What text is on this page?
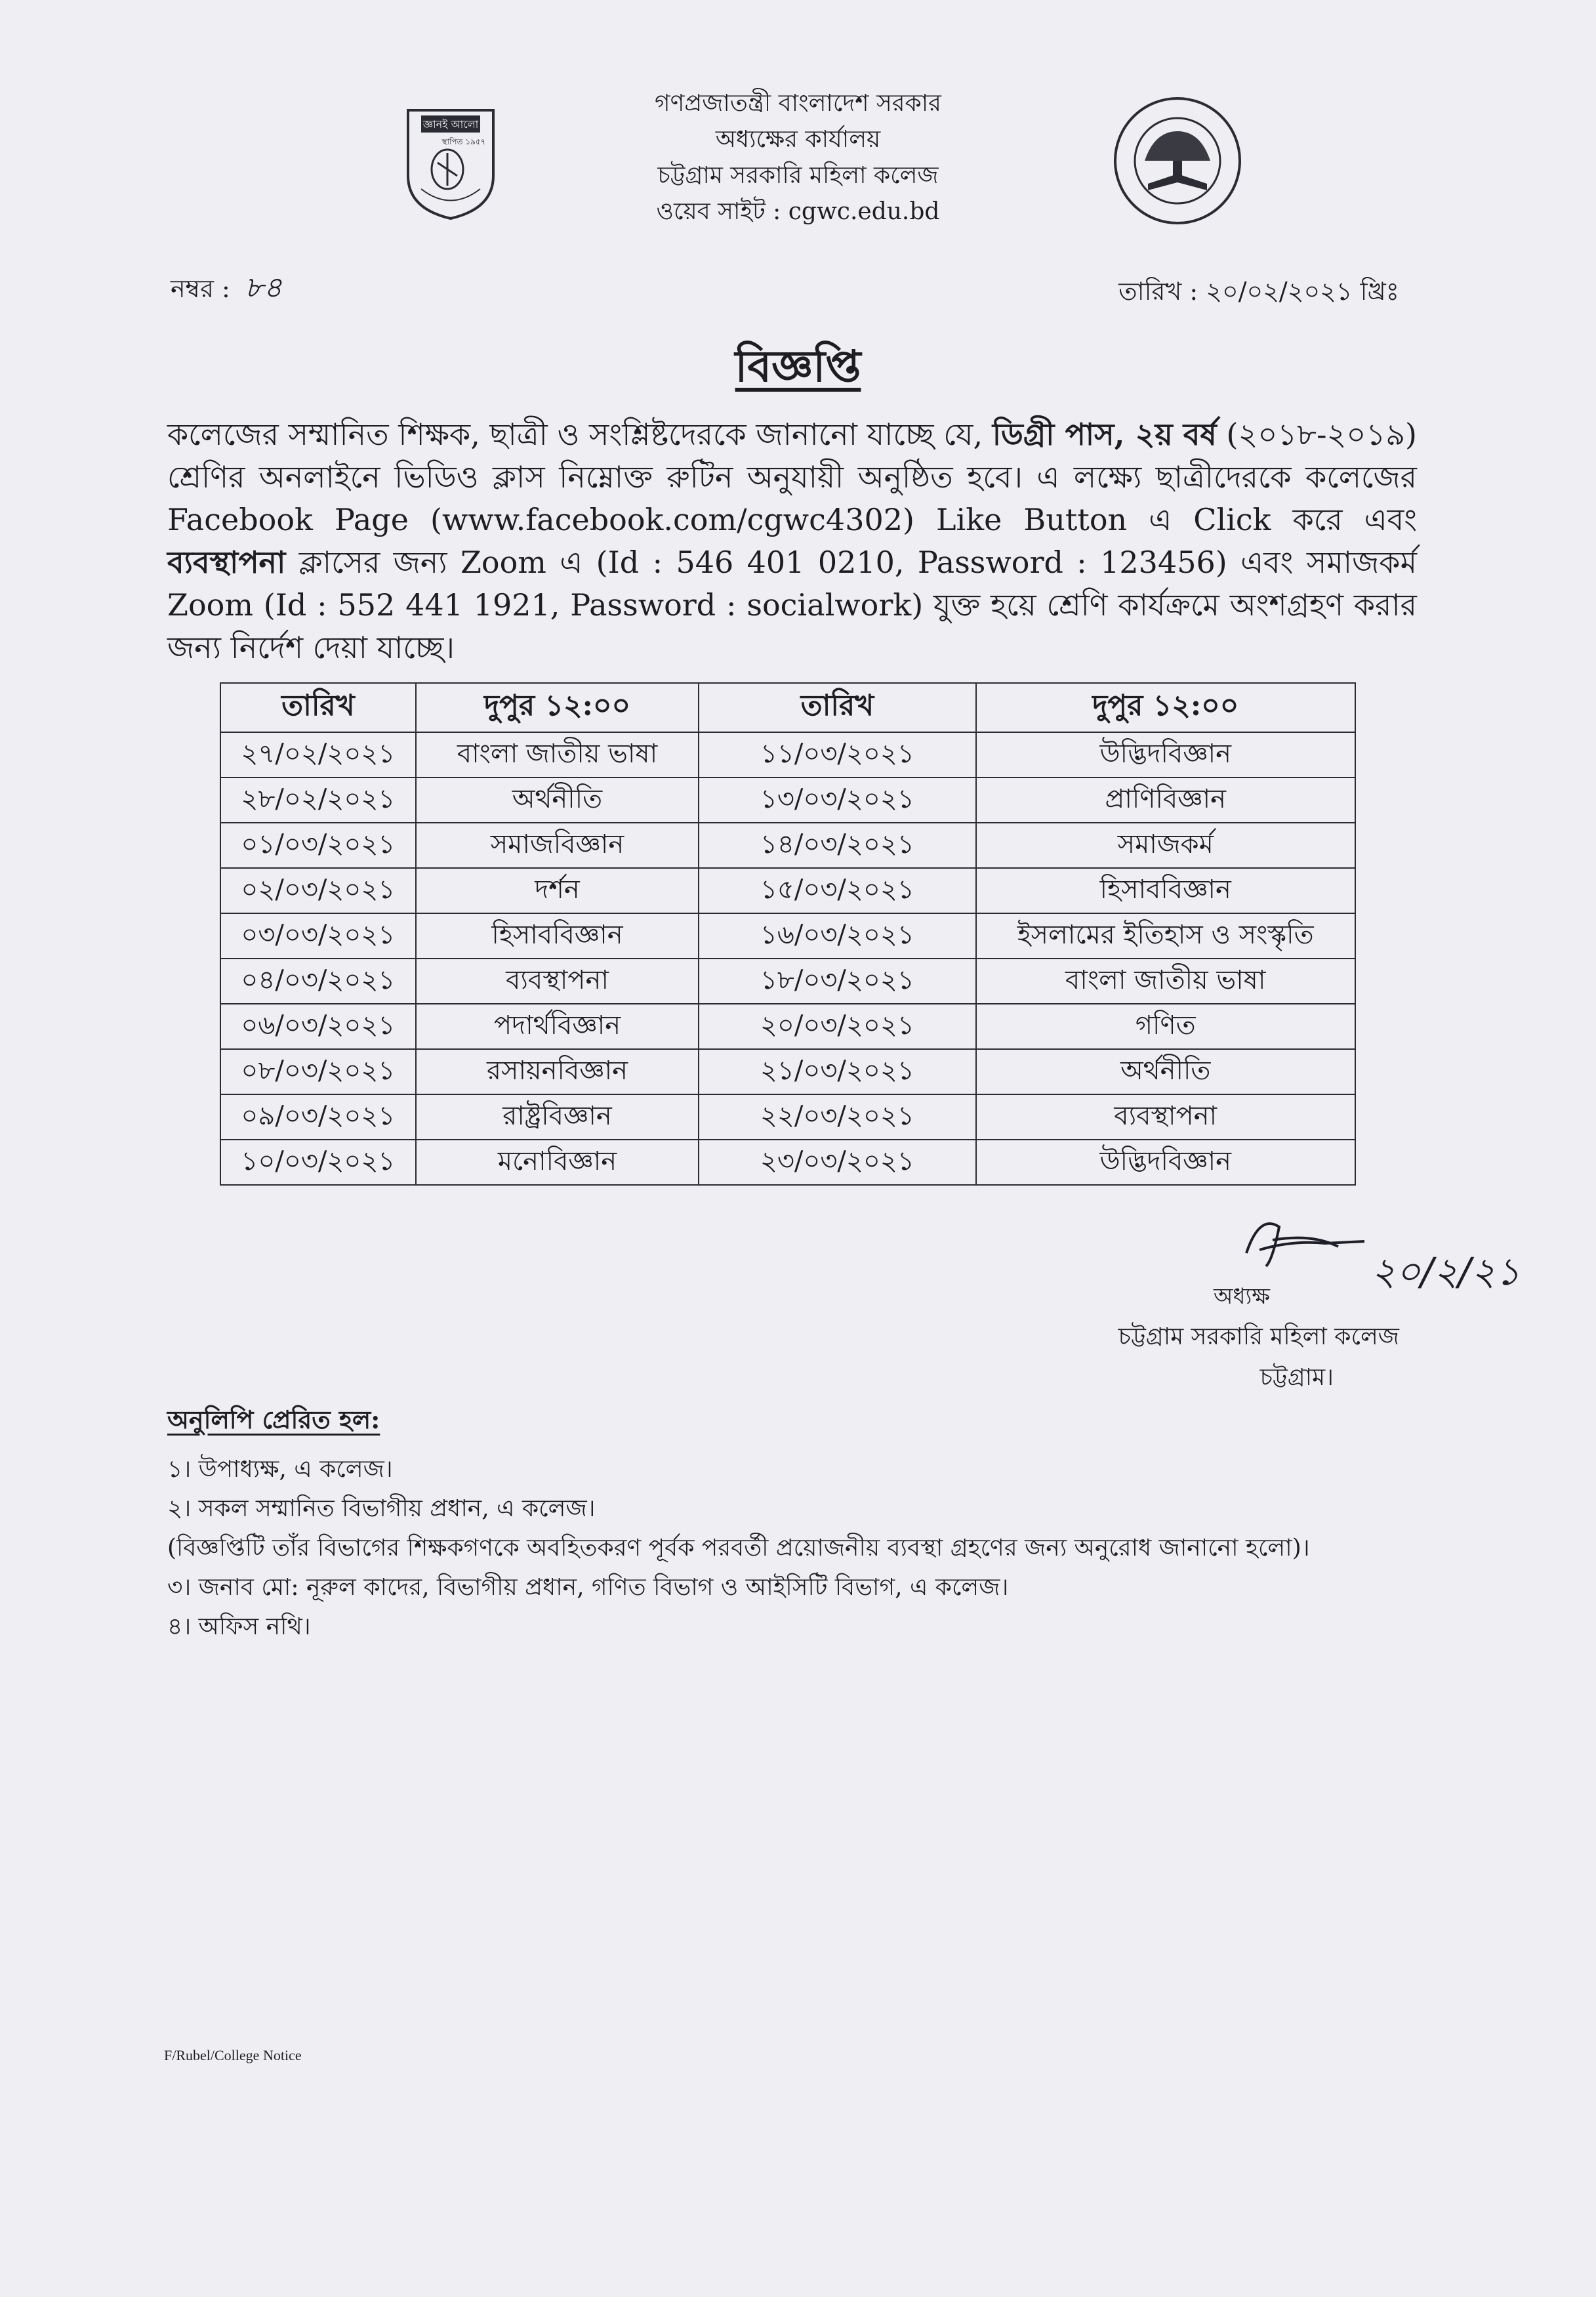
জ্ঞানই আলো
স্থাপিত ১৯৫৭
গণপ্রজাতন্ত্রী বাংলাদেশ সরকার
অধ্যক্ষের কার্যালয়
চট্টগ্রাম সরকারি মহিলা কলেজ
ওয়েব সাইট : cgwc.edu.bd
নম্বর : ৮৪	তারিখ : ২০/০২/২০২১ খ্রিঃ
বিজ্ঞপ্তি
কলেজের সম্মানিত শিক্ষক, ছাত্রী ও সংশ্লিষ্টদেরকে জানানো যাচ্ছে যে, ডিগ্রী পাস, ২য় বর্ষ (২০১৮-২০১৯) শ্রেণির অনলাইনে ভিডিও ক্লাস নিম্নোক্ত রুটিন অনুযায়ী অনুষ্ঠিত হবে। এ লক্ষ্যে ছাত্রীদেরকে কলেজের Facebook Page (www.facebook.com/cgwc4302) Like Button এ Click করে এবং ব্যবস্থাপনা ক্লাসের জন্য Zoom এ (Id : 546 401 0210, Password : 123456) এবং সমাজকর্ম Zoom (Id : 552 441 1921, Password : socialwork) যুক্ত হয়ে শ্রেণি কার্যক্রমে অংশগ্রহণ করার জন্য নির্দেশ দেয়া যাচ্ছে।
তারিখ	দুপুর ১২:০০	তারিখ	দুপুর ১২:০০
২৭/০২/২০২১	বাংলা জাতীয় ভাষা	১১/০৩/২০২১	উদ্ভিদবিজ্ঞান
২৮/০২/২০২১	অর্থনীতি	১৩/০৩/২০২১	প্রাণিবিজ্ঞান
০১/০৩/২০২১	সমাজবিজ্ঞান	১৪/০৩/২০২১	সমাজকর্ম
০২/০৩/২০২১	দর্শন	১৫/০৩/২০২১	হিসাববিজ্ঞান
০৩/০৩/২০২১	হিসাববিজ্ঞান	১৬/০৩/২০২১	ইসলামের ইতিহাস ও সংস্কৃতি
০৪/০৩/২০২১	ব্যবস্থাপনা	১৮/০৩/২০২১	বাংলা জাতীয় ভাষা
০৬/০৩/২০২১	পদার্থবিজ্ঞান	২০/০৩/২০২১	গণিত
০৮/০৩/২০২১	রসায়নবিজ্ঞান	২১/০৩/২০২১	অর্থনীতি
০৯/০৩/২০২১	রাষ্ট্রবিজ্ঞান	২২/০৩/২০২১	ব্যবস্থাপনা
১০/০৩/২০২১	মনোবিজ্ঞান	২৩/০৩/২০২১	উদ্ভিদবিজ্ঞান
২০/২/২১
অধ্যক্ষ
চট্টগ্রাম সরকারি মহিলা কলেজ
চট্টগ্রাম।
অনুলিপি প্রেরিত হল:
১। উপাধ্যক্ষ, এ কলেজ।
২। সকল সম্মানিত বিভাগীয় প্রধান, এ কলেজ।
(বিজ্ঞপ্তিটি তাঁর বিভাগের শিক্ষকগণকে অবহিতকরণ পূর্বক পরবর্তী প্রয়োজনীয় ব্যবস্থা গ্রহণের জন্য অনুরোধ জানানো হলো)।
৩। জনাব মো: নূরুল কাদের, বিভাগীয় প্রধান, গণিত বিভাগ ও আইসিটি বিভাগ, এ কলেজ।
৪। অফিস নথি।
F/Rubel/College Notice
